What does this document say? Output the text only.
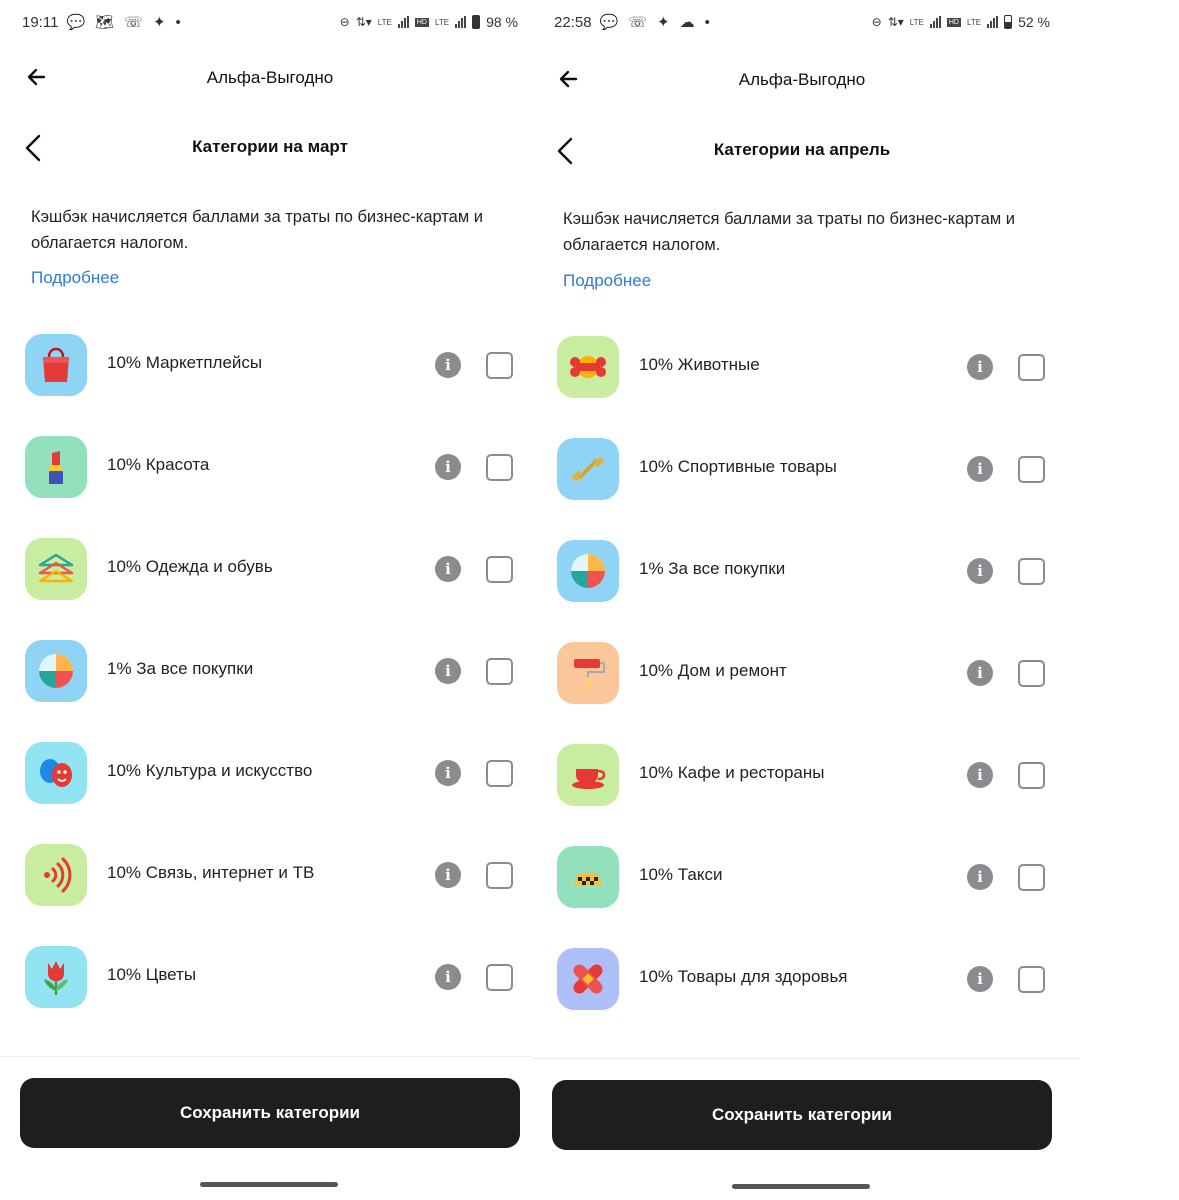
19:11 💬 🗺 ☏ ✦ •	⊖ ⇅▾ LTE	HD LTE	98 %
Альфа-Выгодно
Категории на март
Кэшбэк начисляется баллами за траты по бизнес-картам и облагается налогом.
Подробнее
10% Маркетплейсы	i
10% Красота	i
10% Одежда и обувь	i
1% За все покупки	i
10% Культура и искусство	i
10% Связь, интернет и ТВ	i
10% Цветы	i
Сохранить категории
22:58 💬 ☏ ✦ ☁ •	⊖ ⇅▾ LTE	HD LTE	52 %
Альфа-Выгодно
Категории на апрель
Кэшбэк начисляется баллами за траты по бизнес-картам и облагается налогом.
Подробнее
10% Животные	i
10% Спортивные товары	i
1% За все покупки	i
10% Дом и ремонт	i
10% Кафе и рестораны	i
10% Такси	i
10% Товары для здоровья	i
Сохранить категории
